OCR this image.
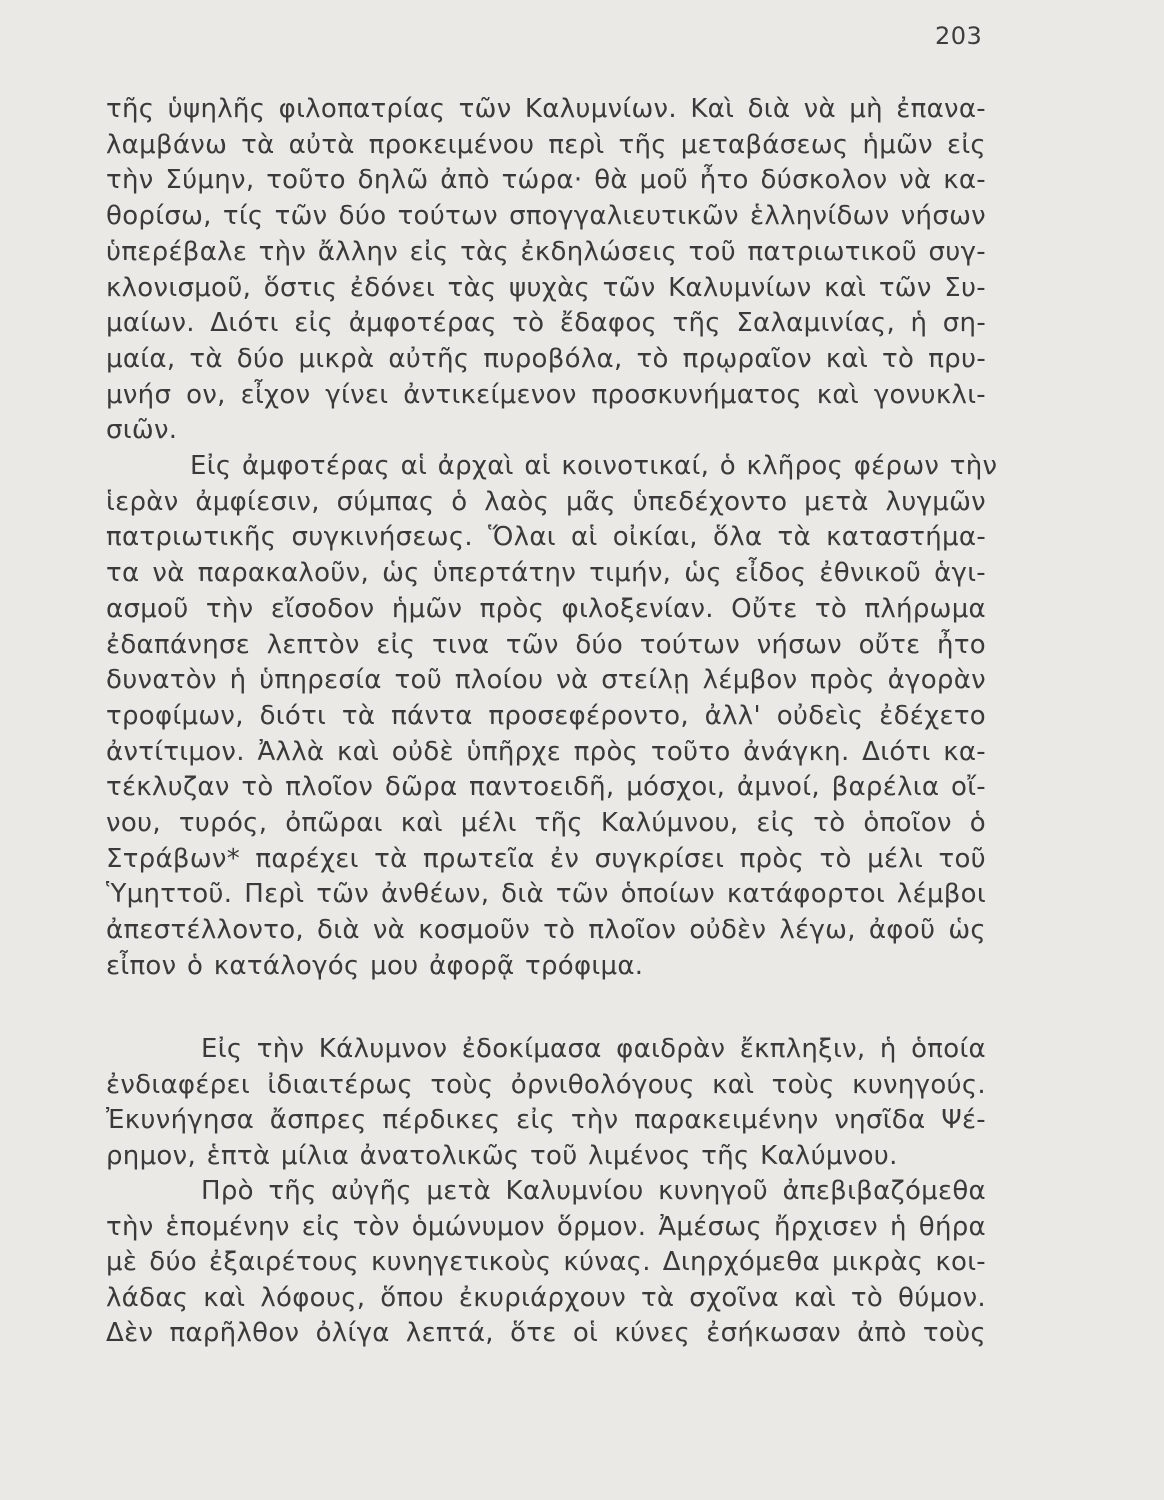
203
τῆς ὑψηλῆς φιλοπατρίας τῶν Καλυμνίων. Καὶ διὰ νὰ μὴ ἐπανα-
λαμβάνω τὰ αὐτὰ προκειμένου περὶ τῆς μεταβάσεως ἡμῶν εἰς
τὴν Σύμην, τοῦτο δηλῶ ἀπὸ τώρα· θὰ μοῦ ἦτο δύσκολον νὰ κα-
θορίσω, τίς τῶν δύο τούτων σπογγαλιευτικῶν ἑλληνίδων νήσων
ὑπερέβαλε τὴν ἄλλην εἰς τὰς ἐκδηλώσεις τοῦ πατριωτικοῦ συγ-
κλονισμοῦ, ὅστις ἐδόνει τὰς ψυχὰς τῶν Καλυμνίων καὶ τῶν Συ-
μαίων. Διότι εἰς ἀμφοτέρας τὸ ἔδαφος τῆς Σαλαμινίας, ἡ ση-
μαία, τὰ δύο μικρὰ αὐτῆς πυροβόλα, τὸ πρῳραῖον καὶ τὸ πρυ-
μνήσ ον, εἶχον γίνει ἀντικείμενον προσκυνήματος καὶ γονυκλι-
σιῶν.
Εἰς ἀμφοτέρας αἱ ἀρχαὶ αἱ κοινοτικαί, ὁ κλῆρος φέρων τὴν
ἱερὰν ἀμφίεσιν, σύμπας ὁ λαὸς μᾶς ὑπεδέχοντο μετὰ λυγμῶν
πατριωτικῆς συγκινήσεως. Ὅλαι αἱ οἰκίαι, ὅλα τὰ καταστήμα-
τα νὰ παρακαλοῦν, ὡς ὑπερτάτην τιμήν, ὡς εἶδος ἐθνικοῦ ἁγι-
ασμοῦ τὴν εἴσοδον ἡμῶν πρὸς φιλοξενίαν. Οὔτε τὸ πλήρωμα
ἐδαπάνησε λεπτὸν εἰς τινα τῶν δύο τούτων νήσων οὔτε ἦτο
δυνατὸν ἡ ὑπηρεσία τοῦ πλοίου νὰ στείλῃ λέμβον πρὸς ἀγορὰν
τροφίμων, διότι τὰ πάντα προσεφέροντο, ἀλλ' οὐδεὶς ἐδέχετο
ἀντίτιμον. Ἀλλὰ καὶ οὐδὲ ὑπῆρχε πρὸς τοῦτο ἀνάγκη. Διότι κα-
τέκλυζαν τὸ πλοῖον δῶρα παντοειδῆ, μόσχοι, ἀμνοί, βαρέλια οἴ-
νου, τυρός, ὀπῶραι καὶ μέλι τῆς Καλύμνου, εἰς τὸ ὁποῖον ὁ
Στράβων* παρέχει τὰ πρωτεῖα ἐν συγκρίσει πρὸς τὸ μέλι τοῦ
Ὑμηττοῦ. Περὶ τῶν ἀνθέων, διὰ τῶν ὁποίων κατάφορτοι λέμβοι
ἀπεστέλλοντο, διὰ νὰ κοσμοῦν τὸ πλοῖον οὐδὲν λέγω, ἀφοῦ ὡς
εἶπον ὁ κατάλογός μου ἀφορᾷ τρόφιμα.
Εἰς τὴν Κάλυμνον ἐδοκίμασα φαιδρὰν ἔκπληξιν, ἡ ὁποία
ἐνδιαφέρει ἰδιαιτέρως τοὺς ὀρνιθολόγους καὶ τοὺς κυνηγούς.
Ἐκυνήγησα ἄσπρες πέρδικες εἰς τὴν παρακειμένην νησῖδα Ψέ-
ρημον, ἑπτὰ μίλια ἀνατολικῶς τοῦ λιμένος τῆς Καλύμνου.
Πρὸ τῆς αὐγῆς μετὰ Καλυμνίου κυνηγοῦ ἀπεβιβαζόμεθα
τὴν ἑπομένην εἰς τὸν ὁμώνυμον ὅρμον. Ἀμέσως ἤρχισεν ἡ θήρα
μὲ δύο ἐξαιρέτους κυνηγετικοὺς κύνας. Διηρχόμεθα μικρὰς κοι-
λάδας καὶ λόφους, ὅπου ἐκυριάρχουν τὰ σχοῖνα καὶ τὸ θύμον.
Δὲν παρῆλθον ὀλίγα λεπτά, ὅτε οἱ κύνες ἐσήκωσαν ἀπὸ τοὺς
